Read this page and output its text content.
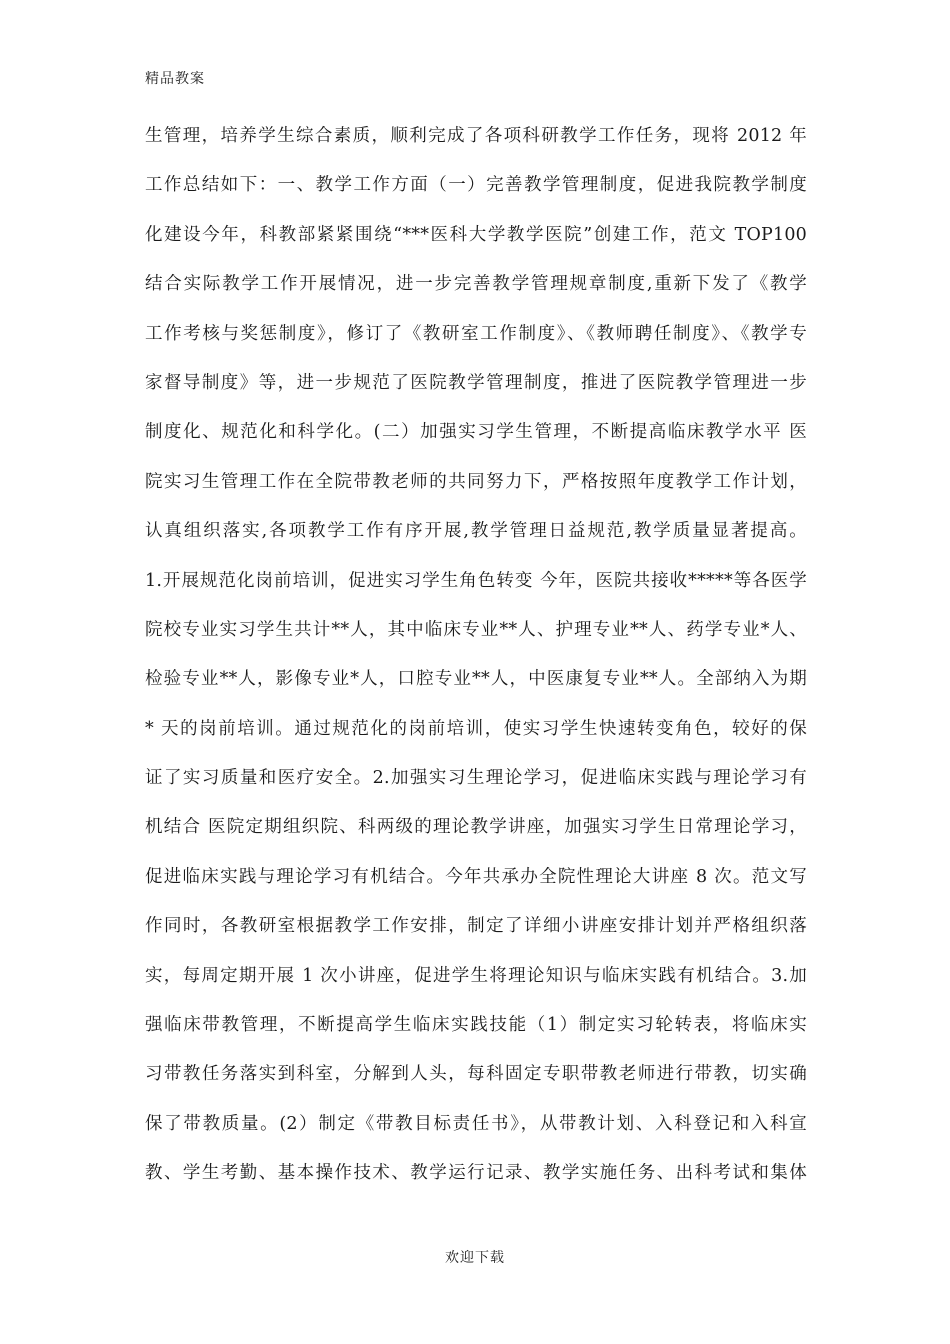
精品教案
生管理，培养学生综合素质，顺利完成了各项科研教学工作任务，现将 2012 年
工作总结如下：一、教学工作方面（一）完善教学管理制度，促进我院教学制度
化建设今年，科教部紧紧围绕“***医科大学教学医院”创建工作，范文 TOP100
结合实际教学工作开展情况，进一步完善教学管理规章制度,重新下发了《教学
工作考核与奖惩制度》，修订了《教研室工作制度》、《教师聘任制度》、《教学专
家督导制度》等，进一步规范了医院教学管理制度，推进了医院教学管理进一步
制度化、规范化和科学化。(二）加强实习学生管理，不断提高临床教学水平 医
院实习生管理工作在全院带教老师的共同努力下，严格按照年度教学工作计划，
认真组织落实,各项教学工作有序开展,教学管理日益规范,教学质量显著提高。
1.开展规范化岗前培训，促进实习学生角色转变 今年，医院共接收*****等各医学
院校专业实习学生共计**人，其中临床专业**人、护理专业**人、药学专业*人、
检验专业**人，影像专业*人，口腔专业**人，中医康复专业**人。全部纳入为期
* 天的岗前培训。通过规范化的岗前培训，使实习学生快速转变角色，较好的保
证了实习质量和医疗安全。2.加强实习生理论学习，促进临床实践与理论学习有
机结合 医院定期组织院、科两级的理论教学讲座，加强实习学生日常理论学习，
促进临床实践与理论学习有机结合。今年共承办全院性理论大讲座 8 次。范文写
作同时，各教研室根据教学工作安排，制定了详细小讲座安排计划并严格组织落
实，每周定期开展 1 次小讲座，促进学生将理论知识与临床实践有机结合。3.加
强临床带教管理，不断提高学生临床实践技能（1）制定实习轮转表，将临床实
习带教任务落实到科室，分解到人头，每科固定专职带教老师进行带教，切实确
保了带教质量。(2）制定《带教目标责任书》，从带教计划、入科登记和入科宣
教、学生考勤、基本操作技术、教学运行记录、教学实施任务、出科考试和集体
欢迎下载
